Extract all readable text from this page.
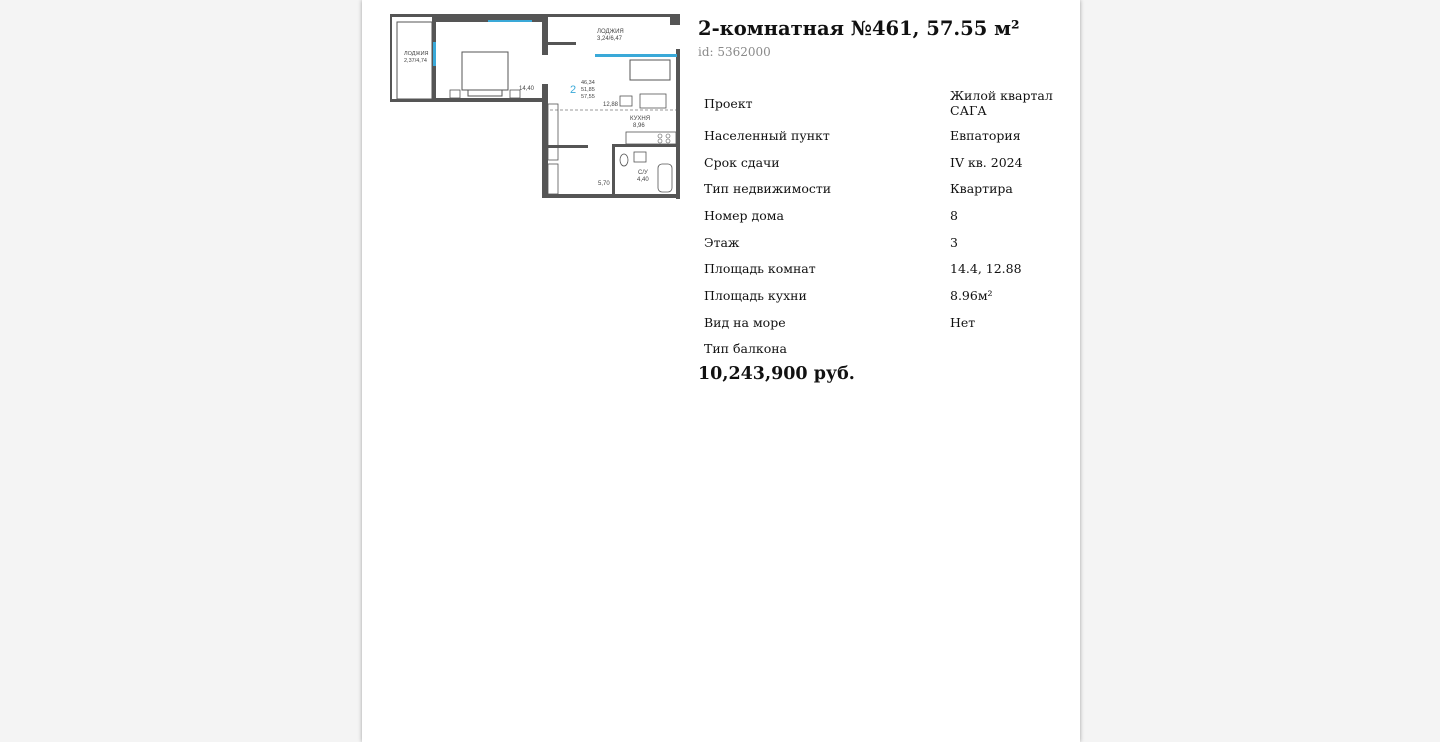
ЛОДЖИЯ
2,37/4,74
ЛОДЖИЯ
3,24/6,47
14,40	2
46,34
51,85
57,55
12,88
КУХНЯ
8,96
5,70
С/У
4,40
2-комнатная №461, 57.55 м²
id: 5362000
Проект	Жилой квартал САГА
Населенный пункт	Евпатория
Срок сдачи	IV кв. 2024
Тип недвижимости	Квартира
Номер дома	8
Этаж	3
Площадь комнат	14.4, 12.88
Площадь кухни	8.96м²
Вид на море	Нет
Тип балкона	
10,243,900 руб.
